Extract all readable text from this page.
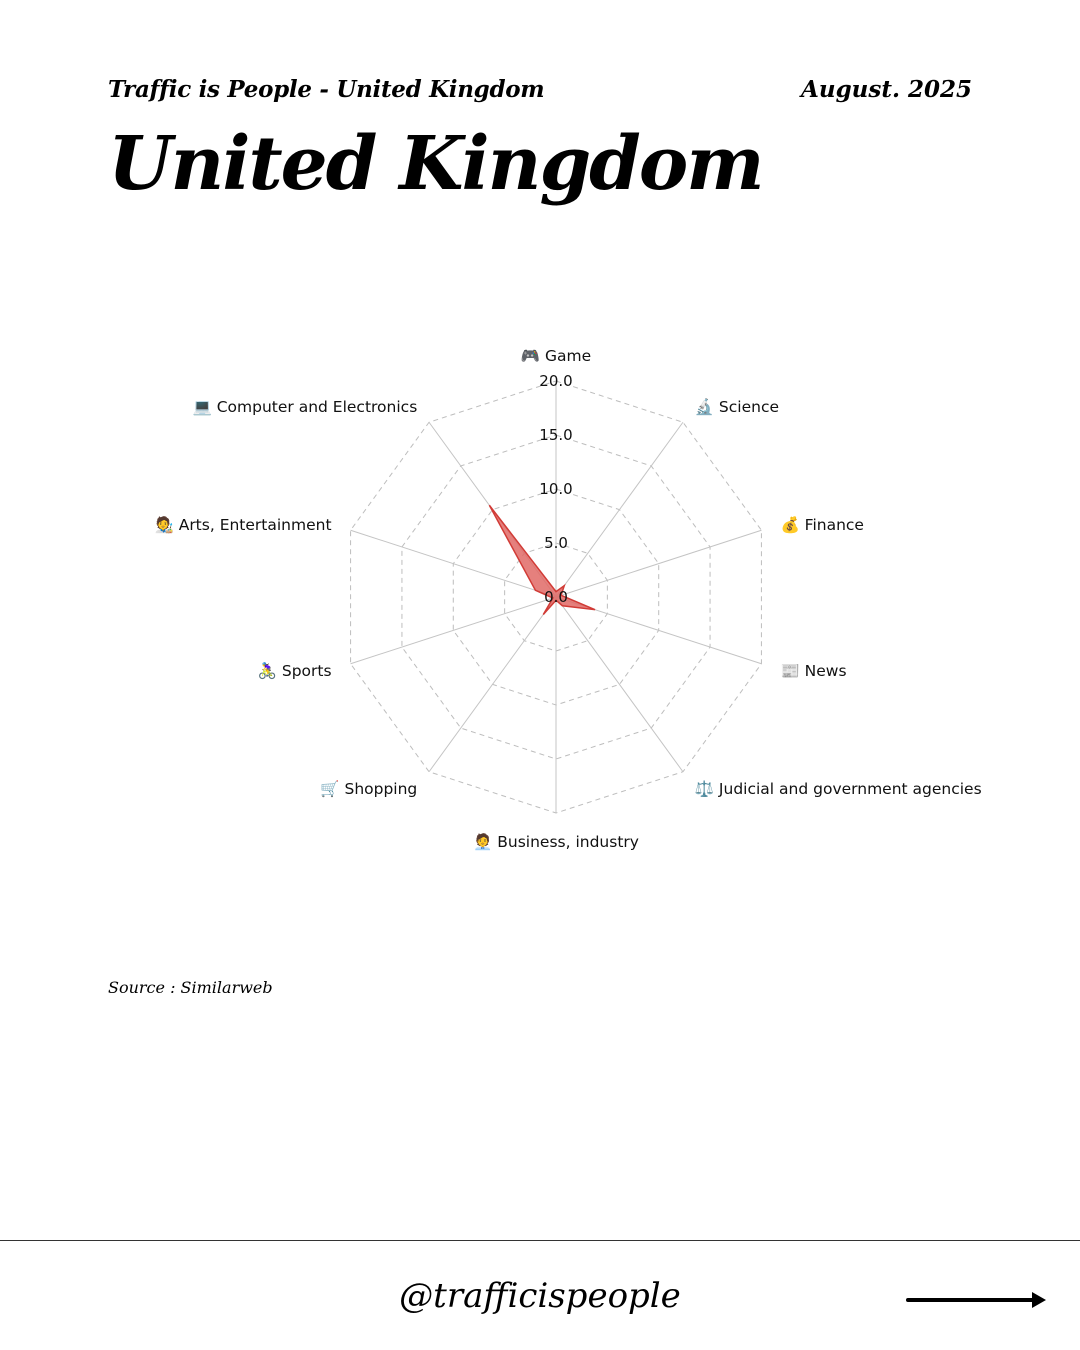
Traffic is People - United Kingdom	August. 2025
United Kingdom
0.0
5.0
10.0
15.0
20.0
🎮 Game
🔬 Science
💰 Finance
📰 News
⚖️ Judicial and government agencies
🧑‍💼 Business, industry
🛒 Shopping
🚴‍♀️ Sports
🧑‍🎨 Arts, Entertainment
💻 Computer and Electronics
Source : Similarweb
@trafficispeople
